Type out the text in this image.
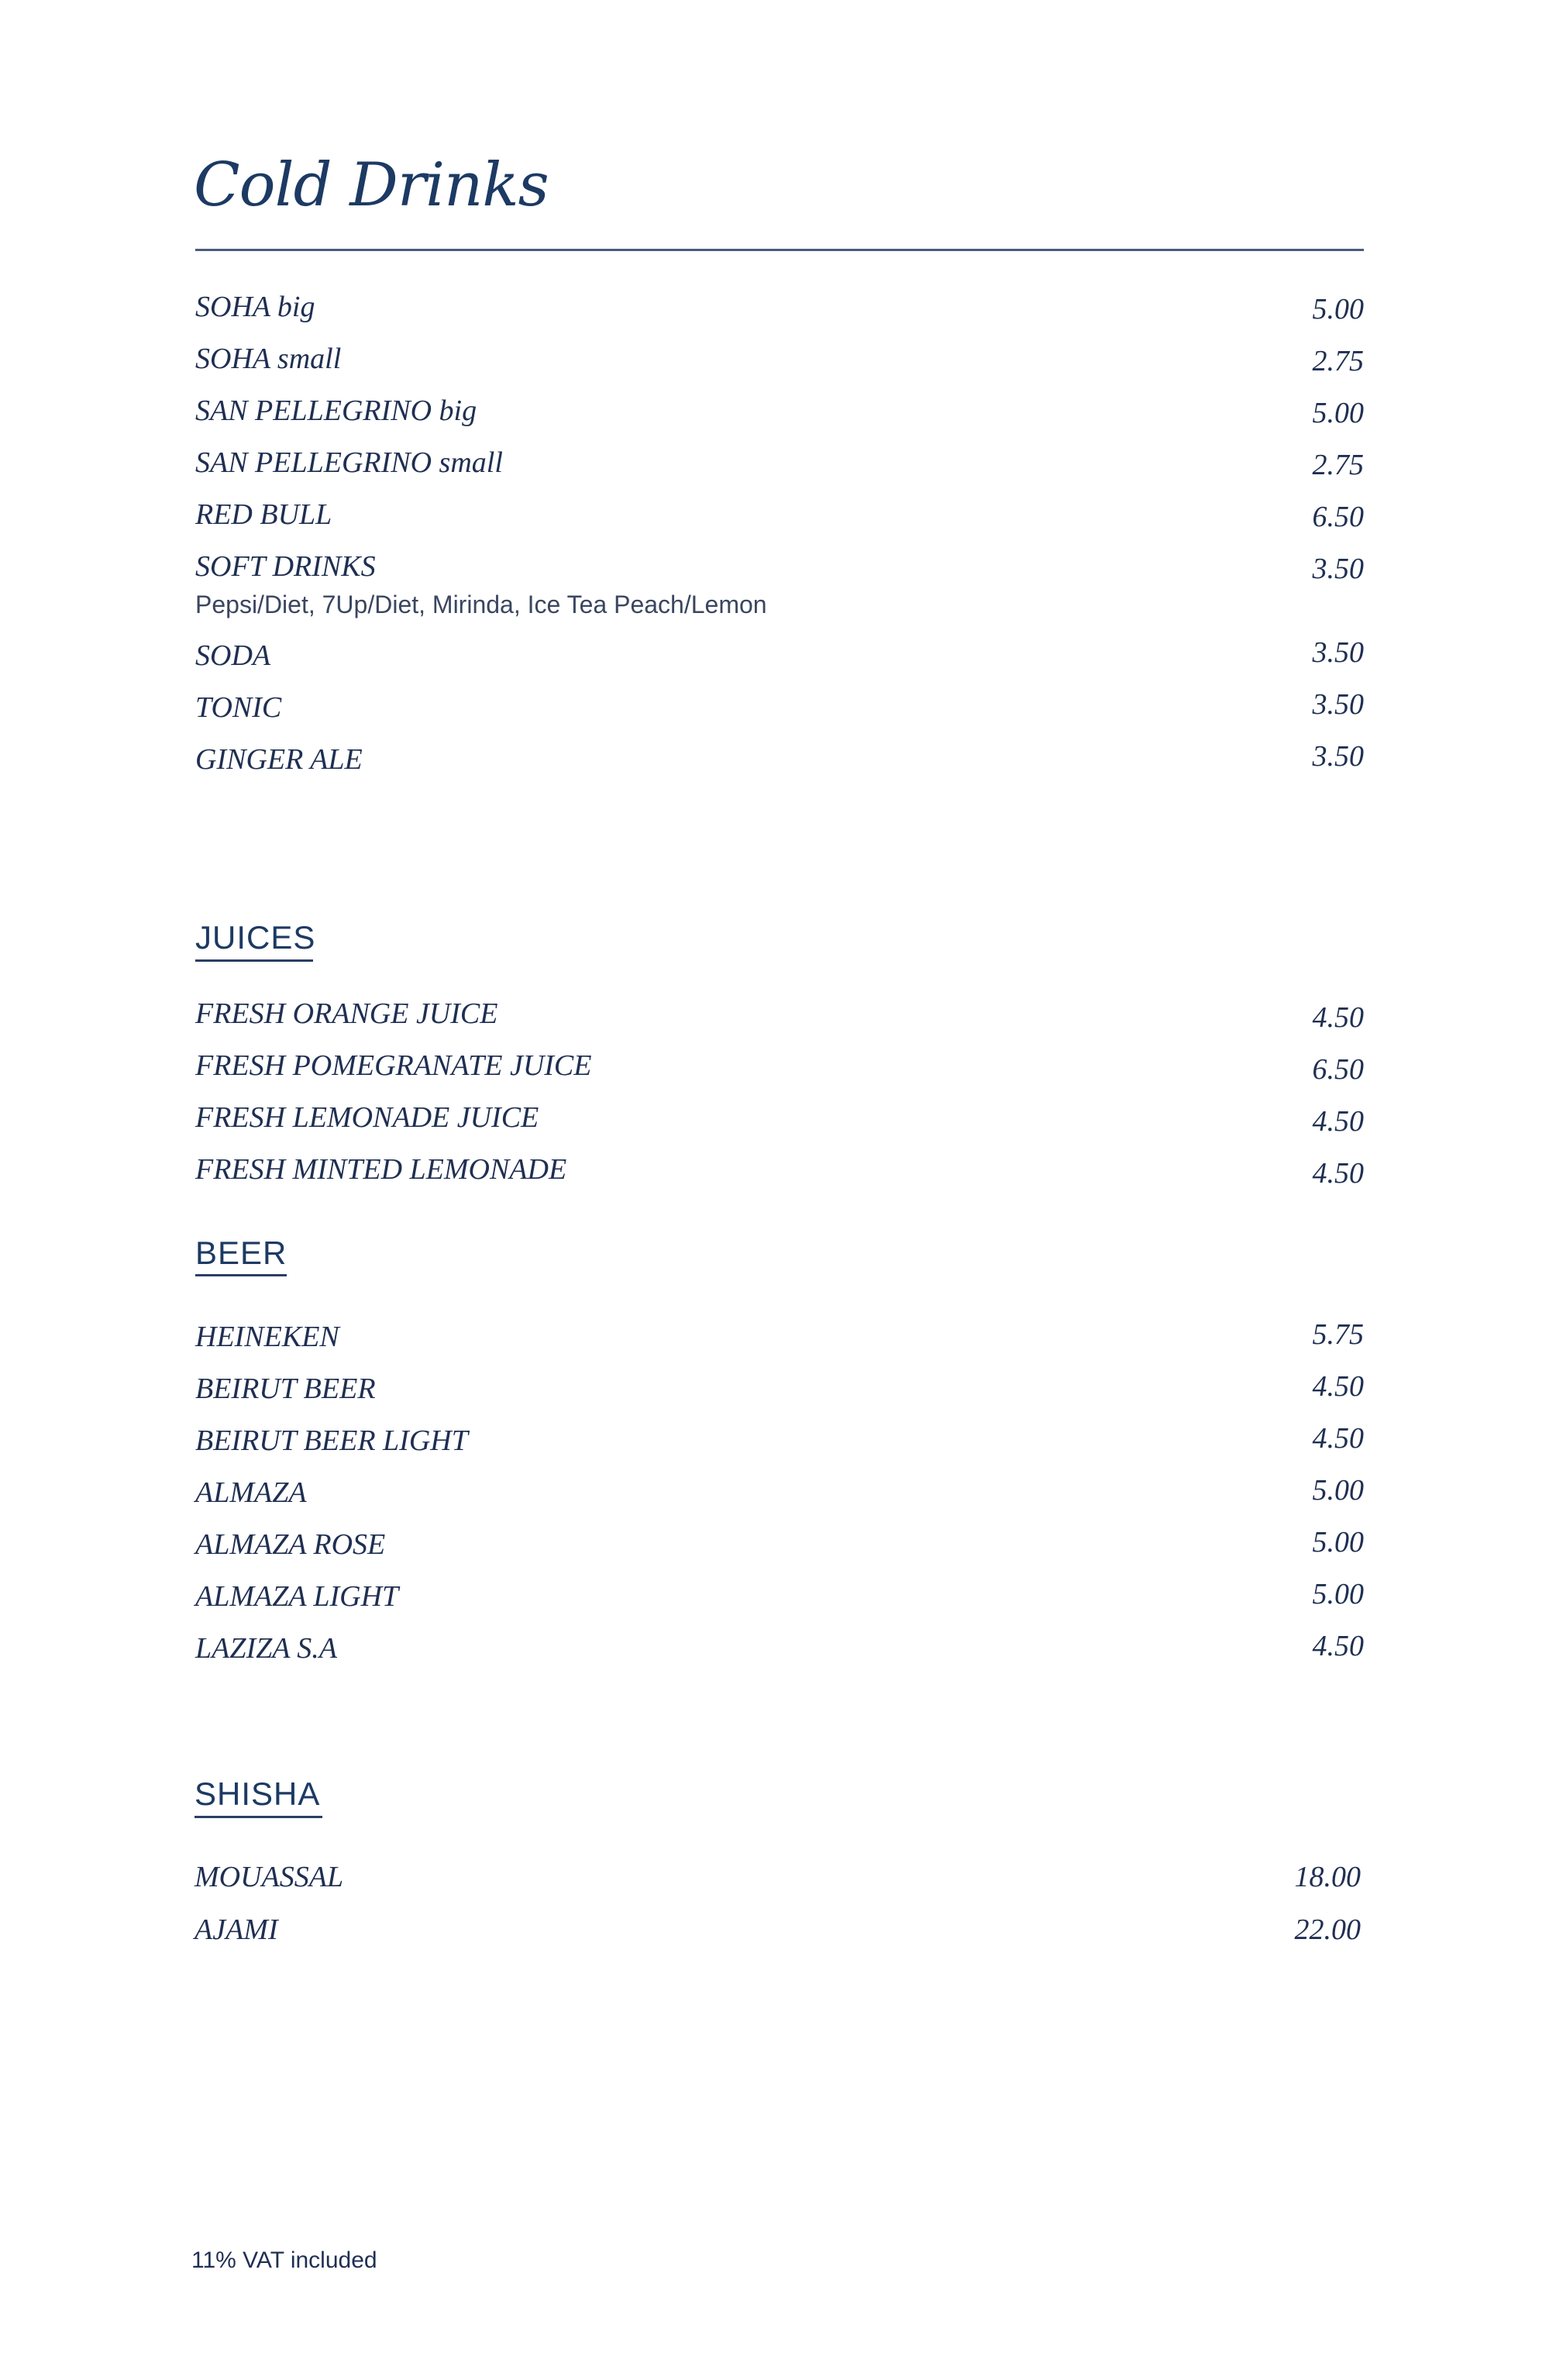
Cold Drinks
SOHA big	5.00
SOHA small	2.75
SAN PELLEGRINO big	5.00
SAN PELLEGRINO small	2.75
RED BULL	6.50
SOFT DRINKS	3.50
Pepsi/Diet, 7Up/Diet, Mirinda, Ice Tea Peach/Lemon
SODA	3.50
TONIC	3.50
GINGER ALE	3.50
JUICES
FRESH ORANGE JUICE	4.50
FRESH POMEGRANATE JUICE	6.50
FRESH LEMONADE JUICE	4.50
FRESH MINTED LEMONADE	4.50
BEER
HEINEKEN	5.75
BEIRUT BEER	4.50
BEIRUT BEER LIGHT	4.50
ALMAZA	5.00
ALMAZA ROSE	5.00
ALMAZA LIGHT	5.00
LAZIZA S.A	4.50
SHISHA
MOUASSAL	18.00
AJAMI	22.00
11% VAT included
